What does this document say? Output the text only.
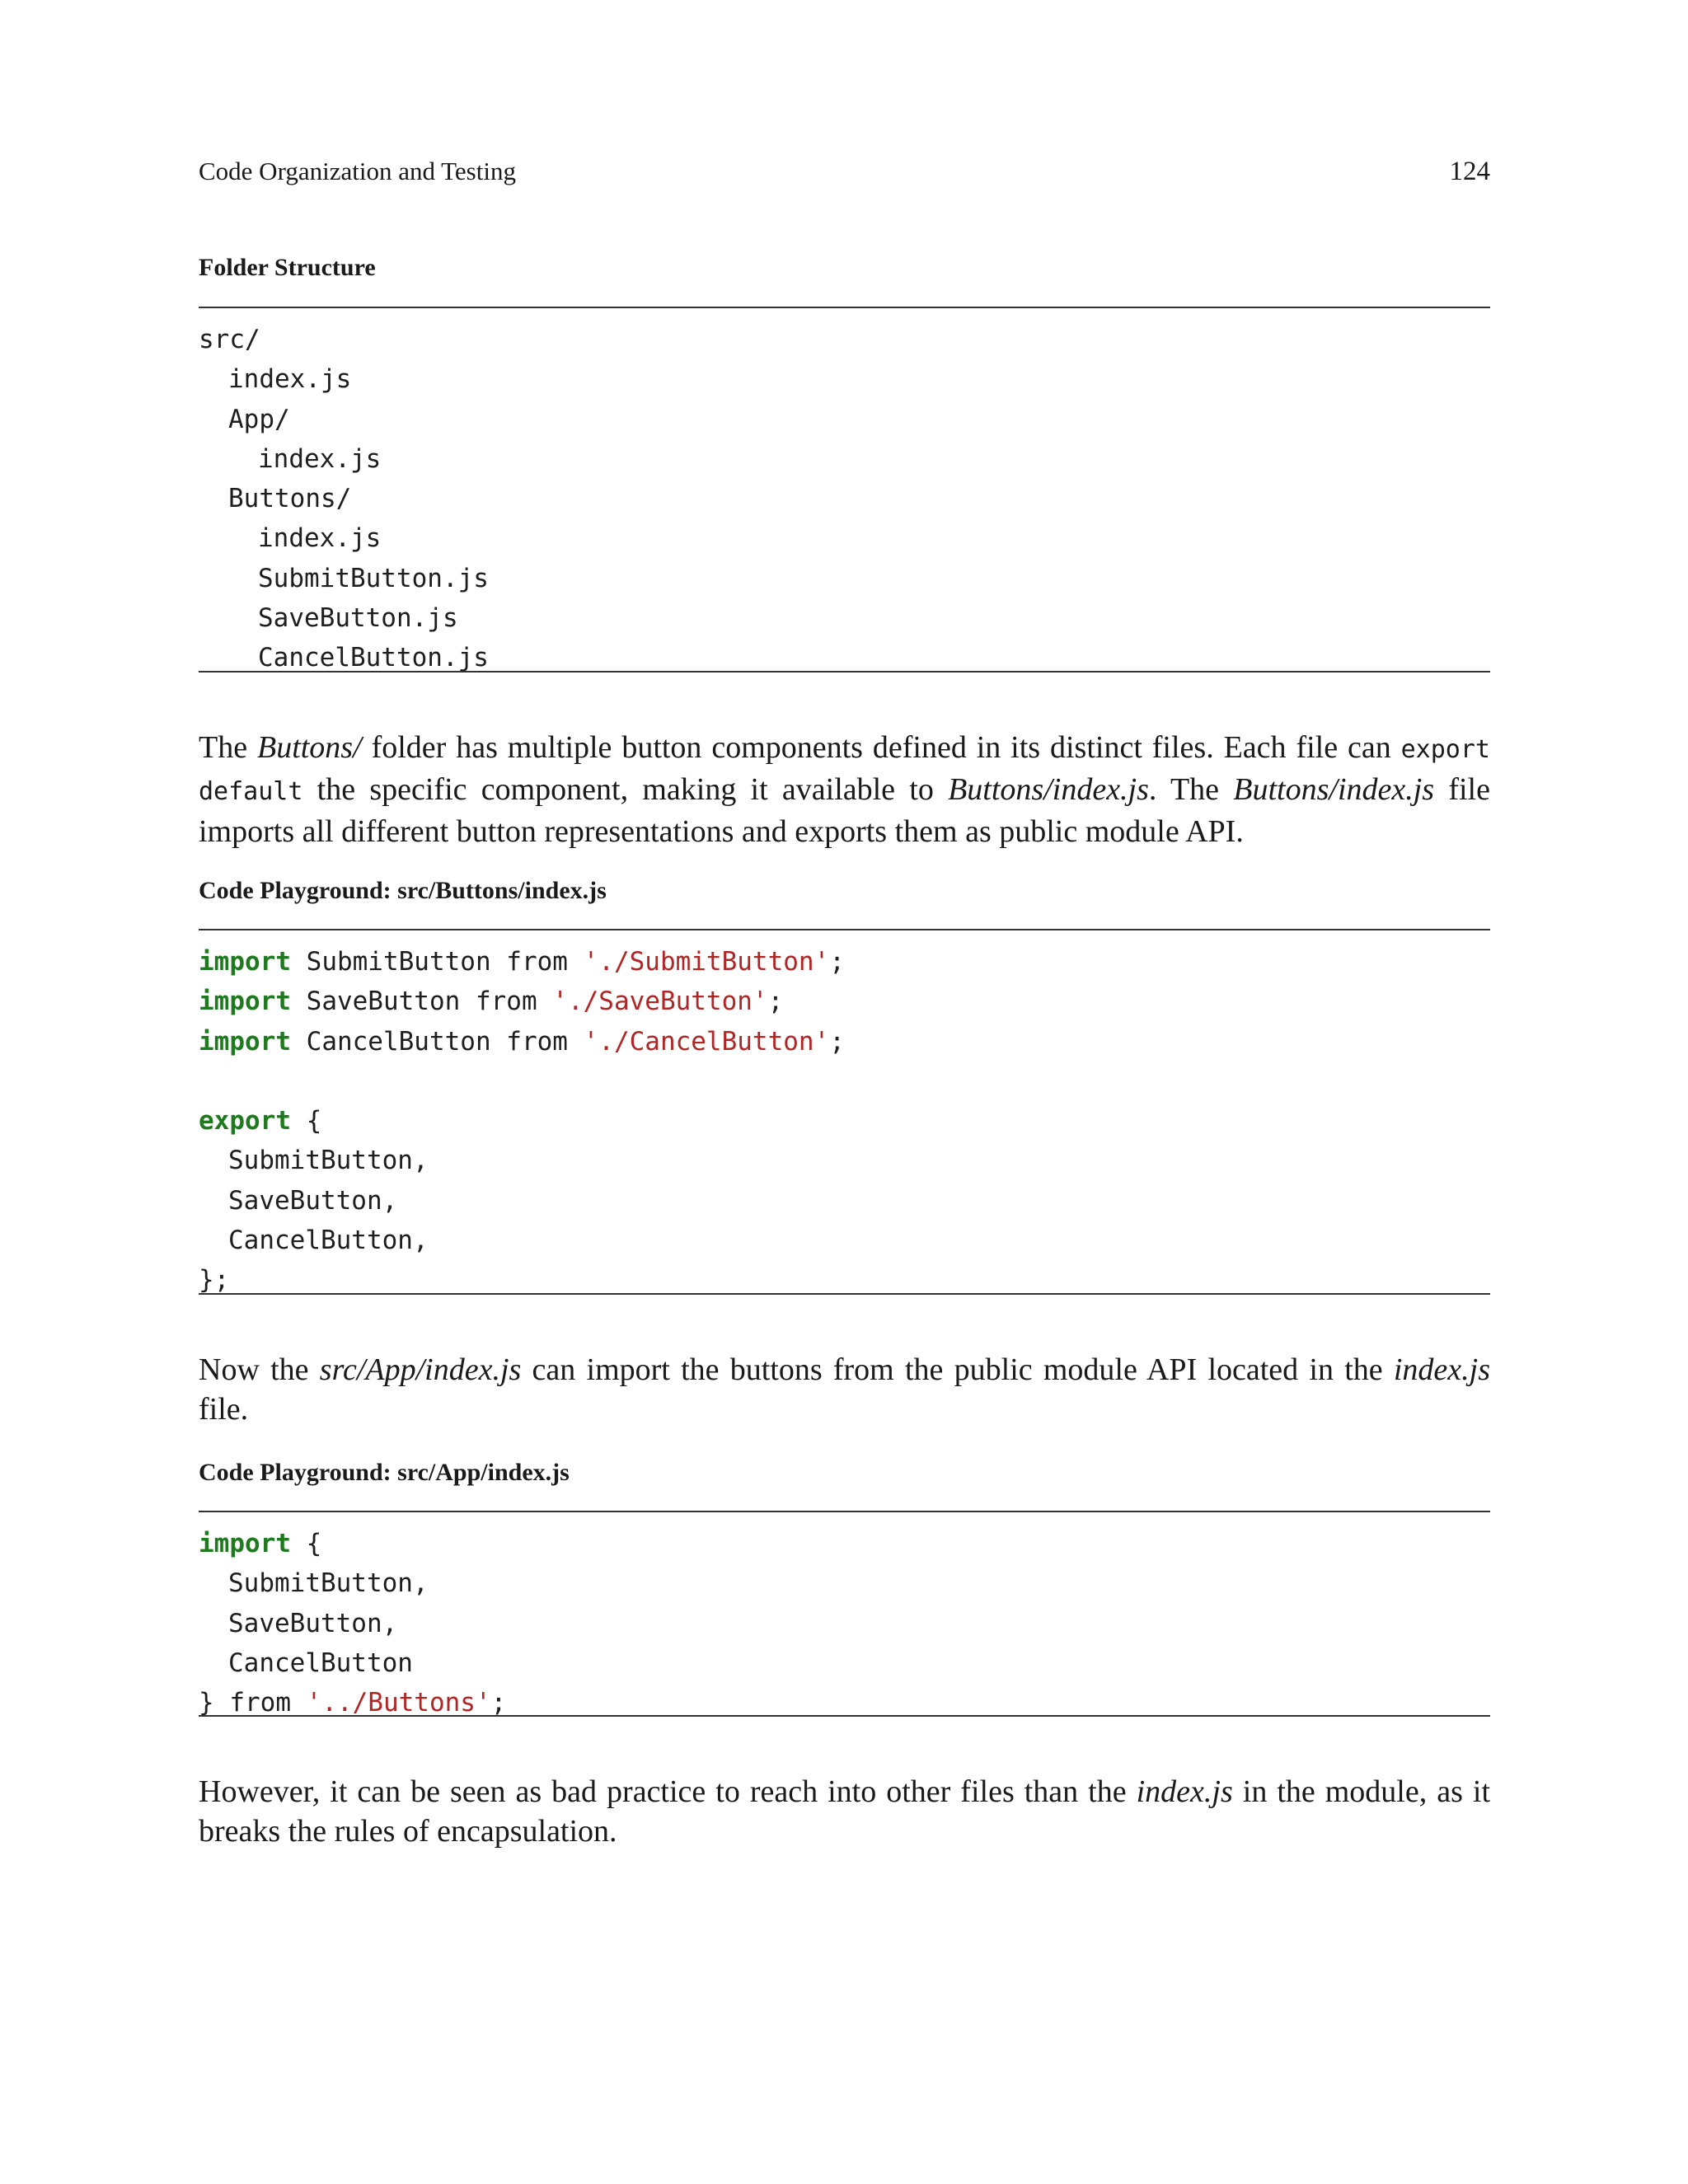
Code Organization and Testing	124
Folder Structure
src/
index.js
App/
index.js
Buttons/
index.js
SubmitButton.js
SaveButton.js
CancelButton.js

The Buttons/ folder has multiple button components defined in its distinct files. Each file can export default the specific component, making it available to Buttons/index.js. The Buttons/index.js file imports all different button representations and exports them as public module API.

Code Playground: src/Buttons/index.js
import SubmitButton from './SubmitButton';
import SaveButton from './SaveButton';
import CancelButton from './CancelButton';
export {
SubmitButton,
SaveButton,
CancelButton,
};

Now the src/App/index.js can import the buttons from the public module API located in the index.js file.

Code Playground: src/App/index.js
import {
SubmitButton,
SaveButton,
CancelButton
} from '../Buttons';

However, it can be seen as bad practice to reach into other files than the index.js in the module, as it breaks the rules of encapsulation.
